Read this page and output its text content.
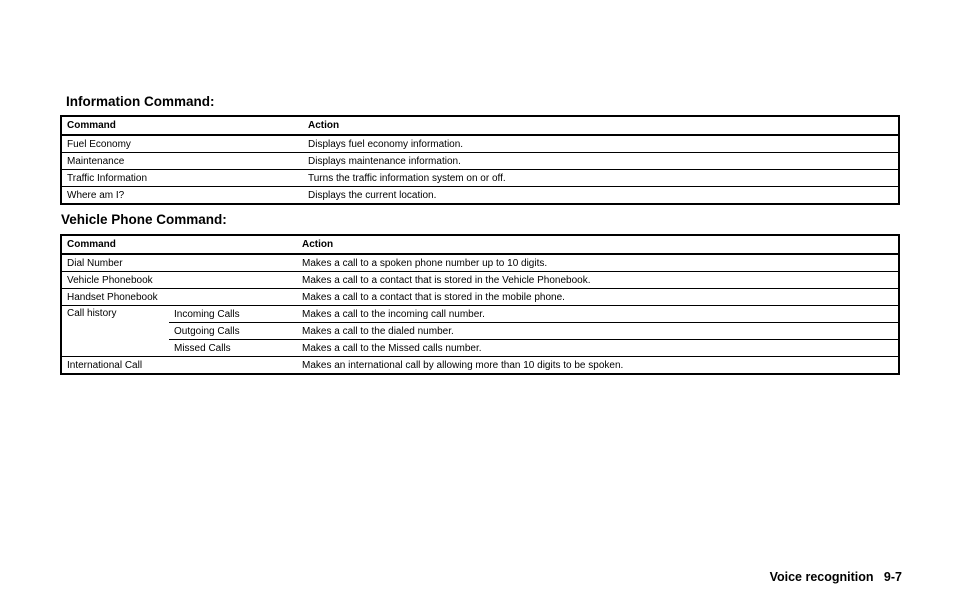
Information Command:
Command	Action
Fuel Economy	Displays fuel economy information.
Maintenance	Displays maintenance information.
Traffic Information	Turns the traffic information system on or off.
Where am I?	Displays the current location.
Vehicle Phone Command:
Command		Action
Dial Number		Makes a call to a spoken phone number up to 10 digits.
Vehicle Phonebook		Makes a call to a contact that is stored in the Vehicle Phonebook.
Handset Phonebook		Makes a call to a contact that is stored in the mobile phone.
Call history	Incoming Calls	Makes a call to the incoming call number.
	Outgoing Calls	Makes a call to the dialed number.
	Missed Calls	Makes a call to the Missed calls number.
International Call		Makes an international call by allowing more than 10 digits to be spoken.
Voice recognition   9-7
